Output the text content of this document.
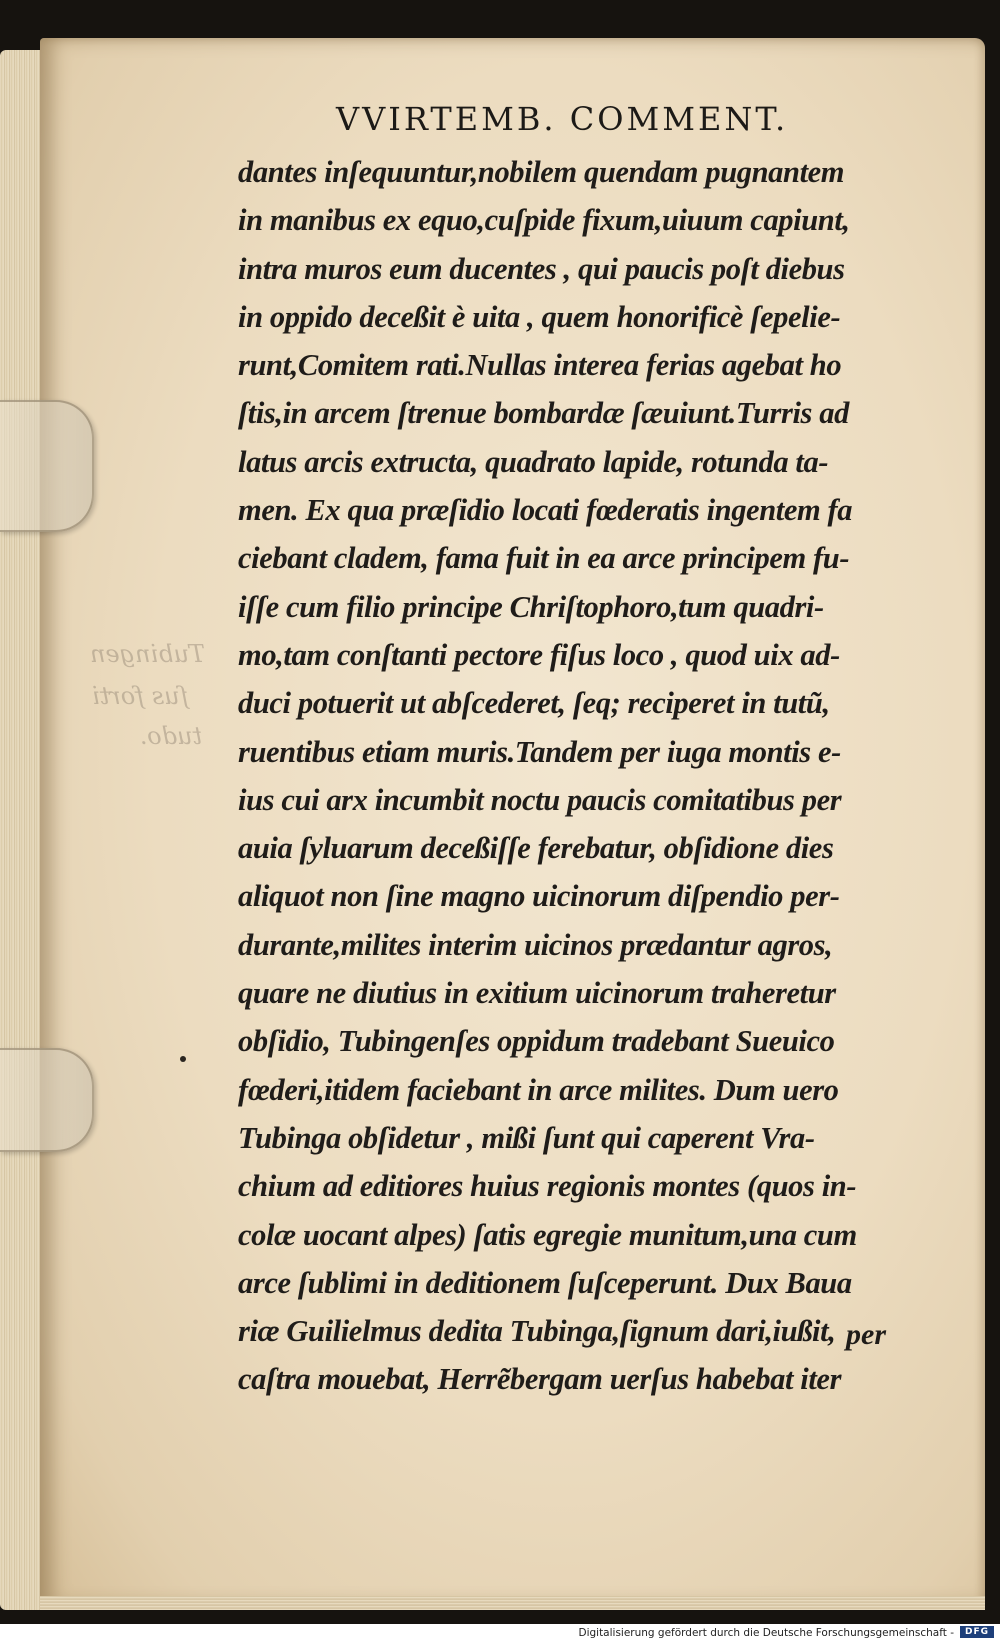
Tubingen
ſus forti
tudo.
VVIRTEMB. COMMENT.
dantes inſequuntur,nobilem quendam pugnantem
in manibus ex equo,cuſpide fixum,uiuum capiunt,
intra muros eum ducentes , qui paucis poſt diebus
in oppido deceßit è uita , quem honorificè ſepelie-
runt,Comitem rati.Nullas interea ferias agebat ho
ſtis,in arcem ſtrenue bombardæ ſæuiunt.Turris ad
latus arcis extructa, quadrato lapide, rotunda ta-
men. Ex qua præſidio locati fœderatis ingentem fa
ciebant cladem, fama fuit in ea arce principem fu-
iſſe cum filio principe Chriſtophoro,tum quadri-
mo,tam conſtanti pectore fiſus loco , quod uix ad-
duci potuerit ut abſcederet, ſeq; reciperet in tutũ,
ruentibus etiam muris.Tandem per iuga montis e-
ius cui arx incumbit noctu paucis comitatibus per
auia ſyluarum deceßiſſe ferebatur, obſidione dies
aliquot non ſine magno uicinorum diſpendio per-
durante,milites interim uicinos prædantur agros,
quare ne diutius in exitium uicinorum traheretur
obſidio, Tubingenſes oppidum tradebant Sueuico
fœderi,itidem faciebant in arce milites. Dum uero
Tubinga obſidetur , mißi ſunt qui caperent Vra-
chium ad editiores huius regionis montes (quos in-
colæ uocant alpes) ſatis egregie munitum,una cum
arce ſublimi in deditionem ſuſceperunt. Dux Baua
riæ Guilielmus dedita Tubinga,ſignum dari,iußit,
caſtra mouebat, Herrẽbergam uerſus habebat iter
per
Digitalisierung gefördert durch die Deutsche Forschungsgemeinschaft -	DFG
